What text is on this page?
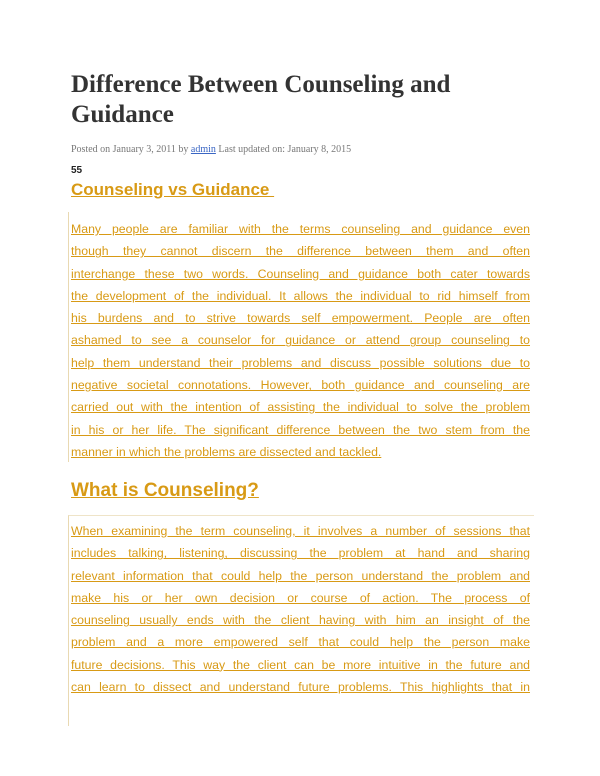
Difference Between Counseling and Guidance
Posted on January 3, 2011 by admin Last updated on: January 8, 2015
55
Counseling vs Guidance
Many people are familiar with the terms counseling and guidance even
though they cannot discern the difference between them and often
interchange these two words. Counseling and guidance both cater towards
the development of the individual. It allows the individual to rid himself from
his burdens and to strive towards self empowerment. People are often
ashamed to see a counselor for guidance or attend group counseling to
help them understand their problems and discuss possible solutions due to
negative societal connotations. However, both guidance and counseling are
carried out with the intention of assisting the individual to solve the problem
in his or her life. The significant difference between the two stem from the
manner in which the problems are dissected and tackled.
What is Counseling?
When examining the term counseling, it involves a number of sessions that
includes talking, listening, discussing the problem at hand and sharing
relevant information that could help the person understand the problem and
make his or her own decision or course of action. The process of
counseling usually ends with the client having with him an insight of the
problem and a more empowered self that could help the person make
future decisions. This way the client can be more intuitive in the future and
can learn to dissect and understand future problems. This highlights that in
